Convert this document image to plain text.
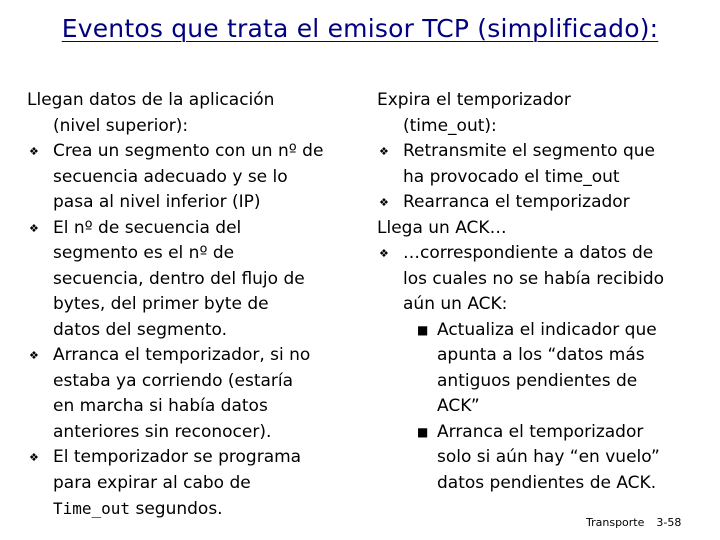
Eventos que trata el emisor TCP (simplificado):
Llegan datos de la aplicación
(nivel superior):
❖ Crea un segmento con un nº de
secuencia adecuado y se lo
pasa al nivel inferior (IP)
❖ El nº de secuencia del
segmento es el nº de
secuencia, dentro del flujo de
bytes, del primer byte de
datos del segmento.
❖ Arranca el temporizador, si no
estaba ya corriendo (estaría
en marcha si había datos
anteriores sin reconocer).
❖ El temporizador se programa
para expirar al cabo de
Time_out segundos.
Expira el temporizador
(time_out):
❖ Retransmite el segmento que
ha provocado el time_out
❖ Rearranca el temporizador
Llega un ACK…
❖ …correspondiente a datos de
los cuales no se había recibido
aún un ACK:
■ Actualiza el indicador que
apunta a los “datos más
antiguos pendientes de
ACK”
■ Arranca el temporizador
solo si aún hay “en vuelo”
datos pendientes de ACK.
Transporte 3-58
